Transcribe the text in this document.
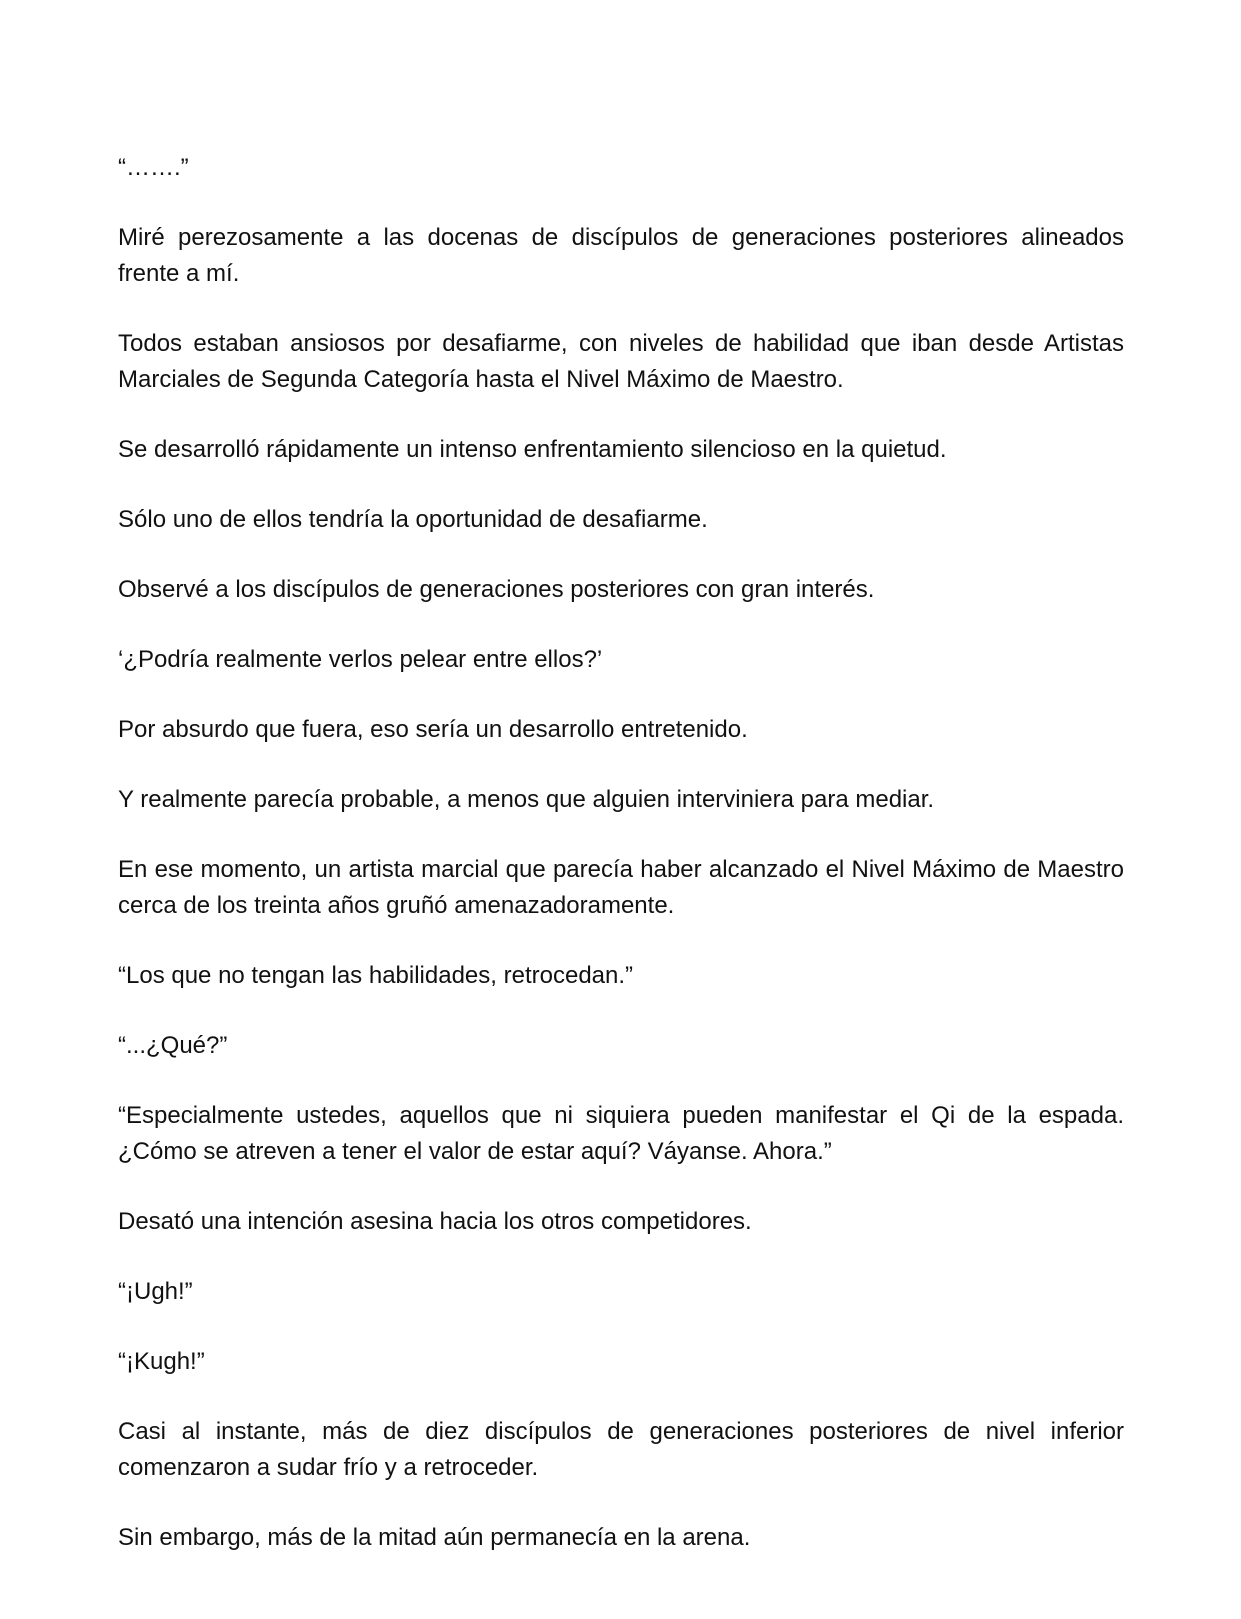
“…….”

Miré perezosamente a las docenas de discípulos de generaciones posteriores alineados frente a mí.

Todos estaban ansiosos por desafiarme, con niveles de habilidad que iban desde Artistas Marciales de Segunda Categoría hasta el Nivel Máximo de Maestro.

Se desarrolló rápidamente un intenso enfrentamiento silencioso en la quietud.

Sólo uno de ellos tendría la oportunidad de desafiarme.

Observé a los discípulos de generaciones posteriores con gran interés.

‘¿Podría realmente verlos pelear entre ellos?’

Por absurdo que fuera, eso sería un desarrollo entretenido.

Y realmente parecía probable, a menos que alguien interviniera para mediar.

En ese momento, un artista marcial que parecía haber alcanzado el Nivel Máximo de Maestro cerca de los treinta años gruñó amenazadoramente.

“Los que no tengan las habilidades, retrocedan.”

“...¿Qué?”

“Especialmente ustedes, aquellos que ni siquiera pueden manifestar el Qi de la espada. ¿Cómo se atreven a tener el valor de estar aquí? Váyanse. Ahora.”

Desató una intención asesina hacia los otros competidores.

“¡Ugh!”

“¡Kugh!”

Casi al instante, más de diez discípulos de generaciones posteriores de nivel inferior comenzaron a sudar frío y a retroceder.

Sin embargo, más de la mitad aún permanecía en la arena.
